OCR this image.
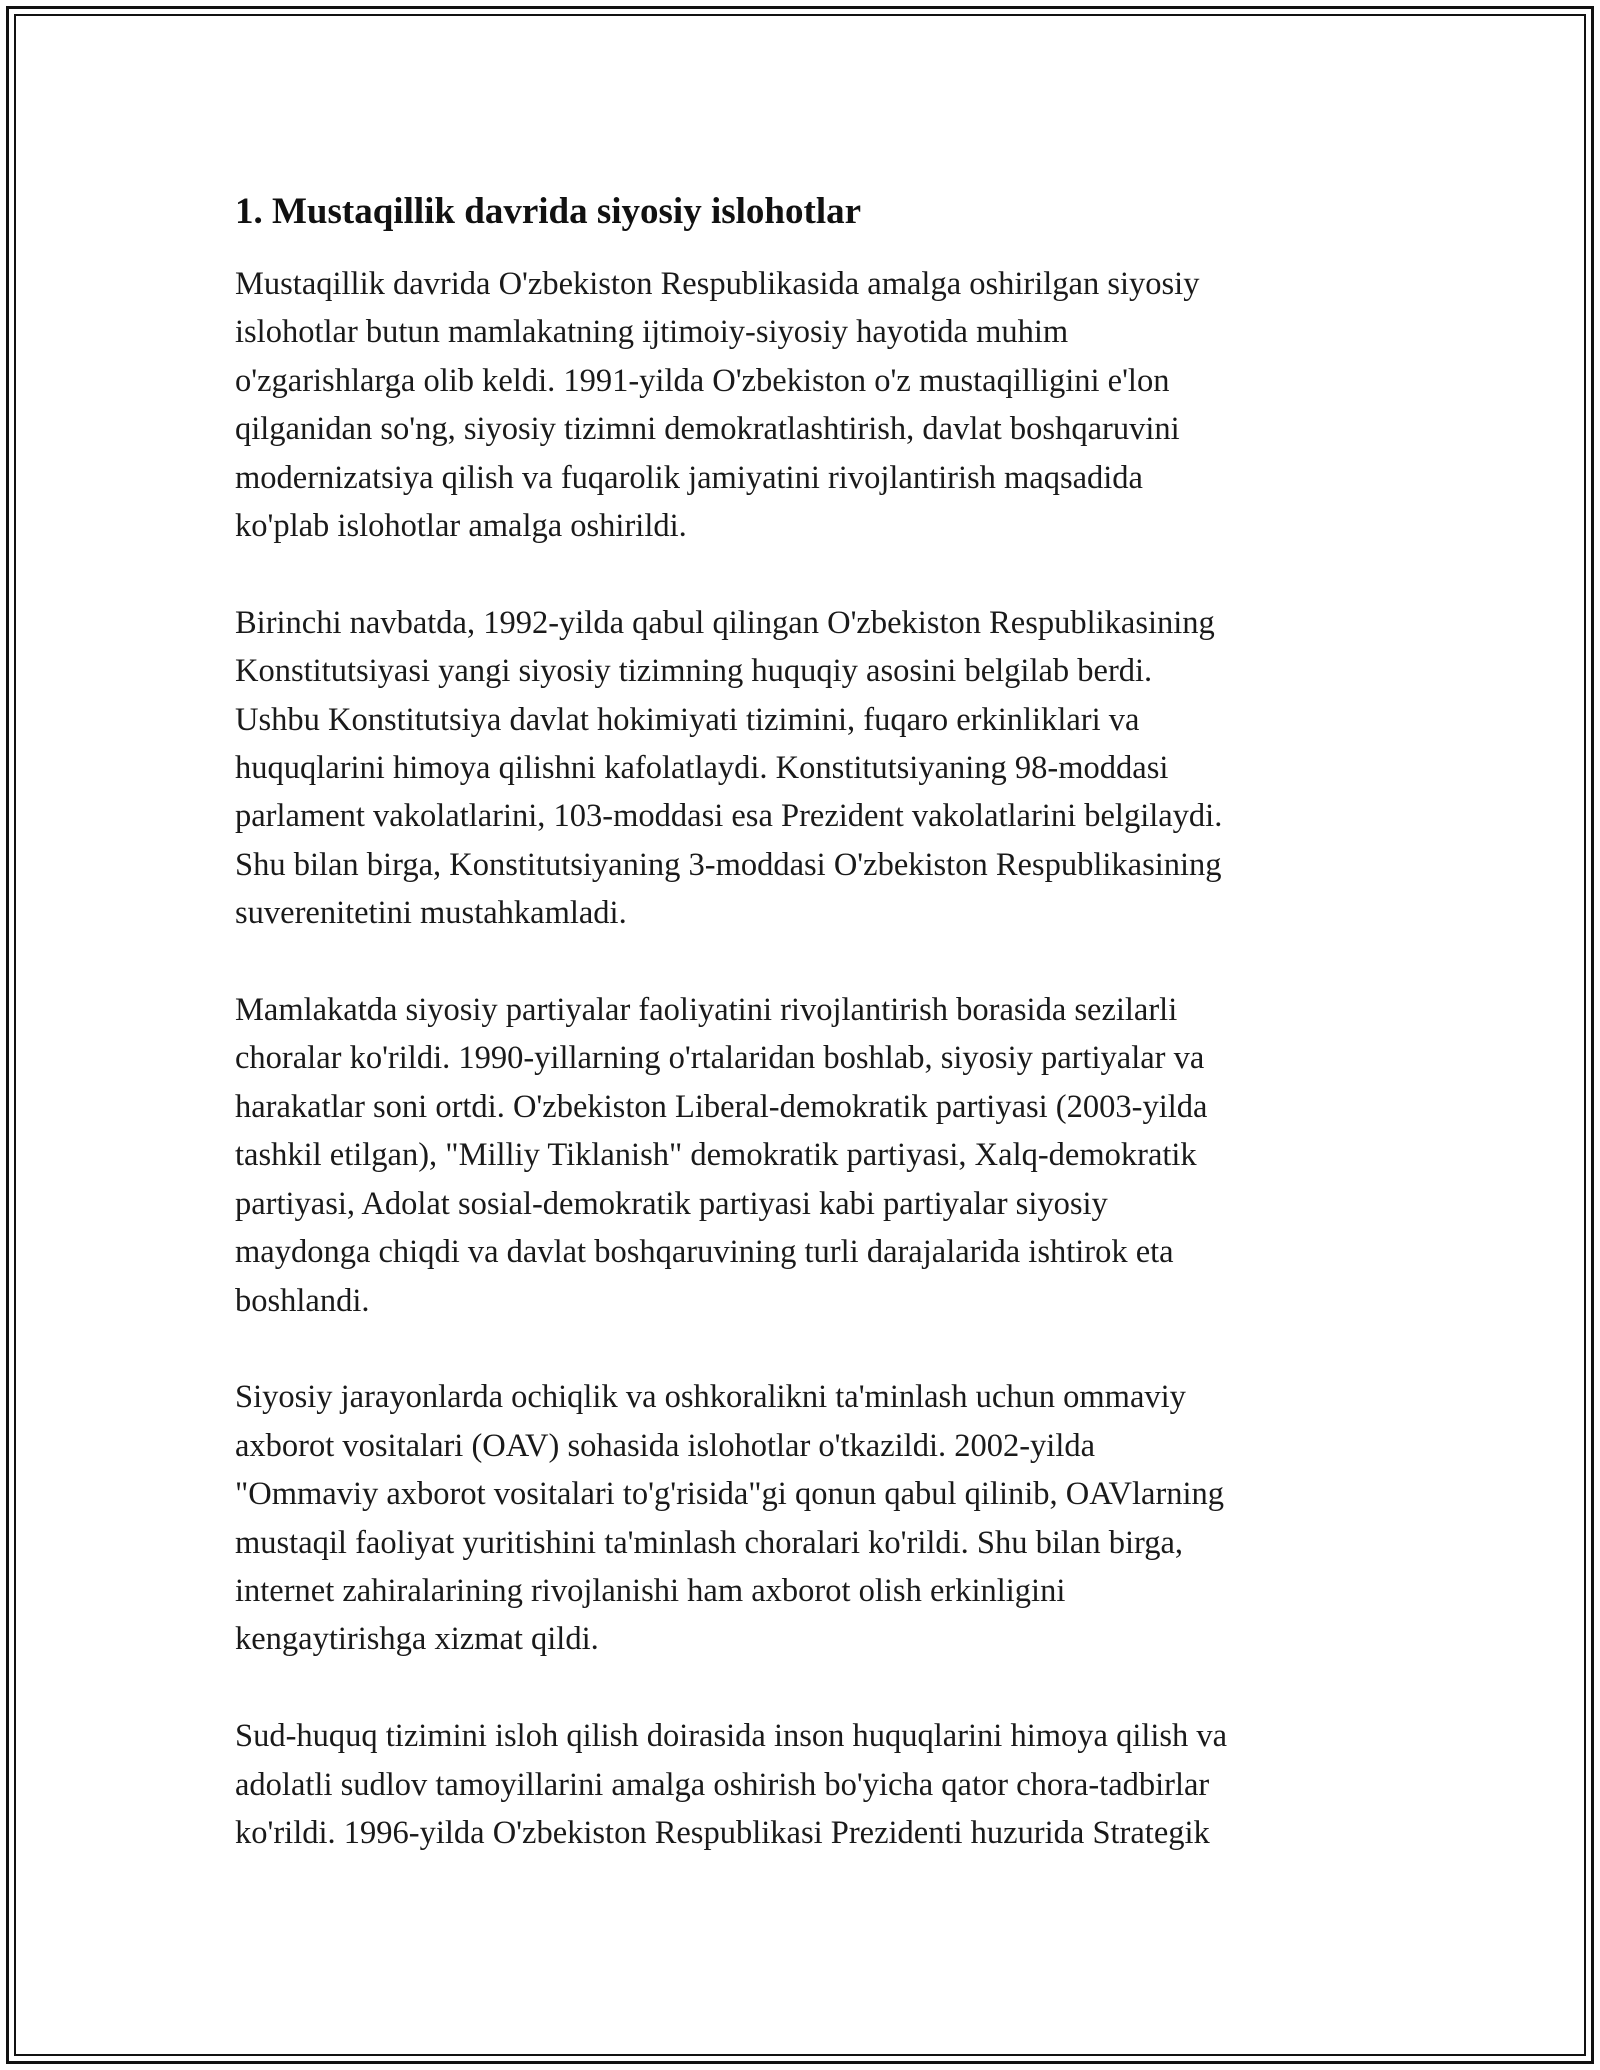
1. Mustaqillik davrida siyosiy islohotlar

Mustaqillik davrida O'zbekiston Respublikasida amalga oshirilgan siyosiy
islohotlar butun mamlakatning ijtimoiy-siyosiy hayotida muhim
o'zgarishlarga olib keldi. 1991-yilda O'zbekiston o'z mustaqilligini e'lon
qilganidan so'ng, siyosiy tizimni demokratlashtirish, davlat boshqaruvini
modernizatsiya qilish va fuqarolik jamiyatini rivojlantirish maqsadida
ko'plab islohotlar amalga oshirildi.

Birinchi navbatda, 1992-yilda qabul qilingan O'zbekiston Respublikasining
Konstitutsiyasi yangi siyosiy tizimning huquqiy asosini belgilab berdi.
Ushbu Konstitutsiya davlat hokimiyati tizimini, fuqaro erkinliklari va
huquqlarini himoya qilishni kafolatlaydi. Konstitutsiyaning 98-moddasi
parlament vakolatlarini, 103-moddasi esa Prezident vakolatlarini belgilaydi.
Shu bilan birga, Konstitutsiyaning 3-moddasi O'zbekiston Respublikasining
suverenitetini mustahkamladi.

Mamlakatda siyosiy partiyalar faoliyatini rivojlantirish borasida sezilarli
choralar ko'rildi. 1990-yillarning o'rtalaridan boshlab, siyosiy partiyalar va
harakatlar soni ortdi. O'zbekiston Liberal-demokratik partiyasi (2003-yilda
tashkil etilgan), "Milliy Tiklanish" demokratik partiyasi, Xalq-demokratik
partiyasi, Adolat sosial-demokratik partiyasi kabi partiyalar siyosiy
maydonga chiqdi va davlat boshqaruvining turli darajalarida ishtirok eta
boshlandi.

Siyosiy jarayonlarda ochiqlik va oshkoralikni ta'minlash uchun ommaviy
axborot vositalari (OAV) sohasida islohotlar o'tkazildi. 2002-yilda
"Ommaviy axborot vositalari to'g'risida"gi qonun qabul qilinib, OAVlarning
mustaqil faoliyat yuritishini ta'minlash choralari ko'rildi. Shu bilan birga,
internet zahiralarining rivojlanishi ham axborot olish erkinligini
kengaytirishga xizmat qildi.

Sud-huquq tizimini isloh qilish doirasida inson huquqlarini himoya qilish va
adolatli sudlov tamoyillarini amalga oshirish bo'yicha qator chora-tadbirlar
ko'rildi. 1996-yilda O'zbekiston Respublikasi Prezidenti huzurida Strategik
